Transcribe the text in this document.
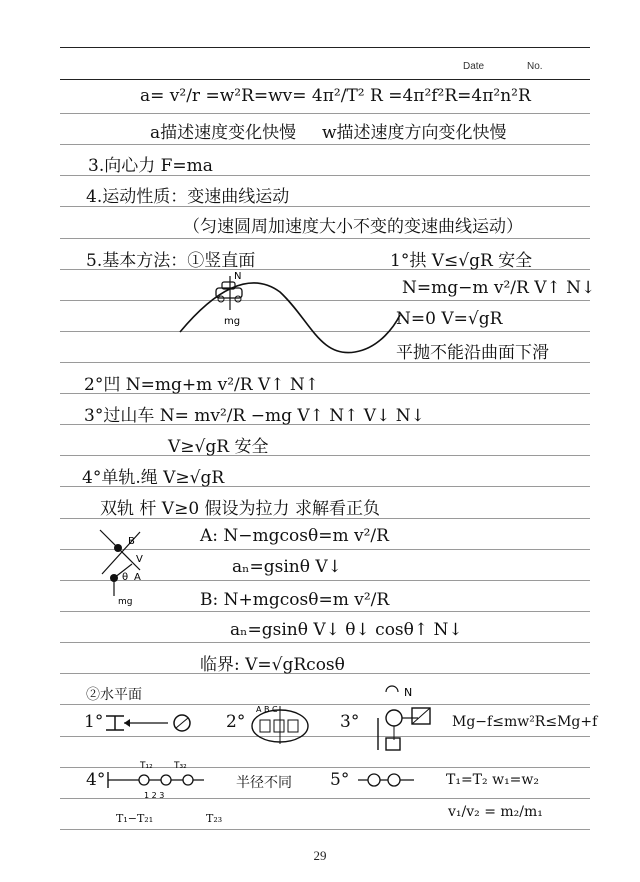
Date	No.
a= v²/r =w²R=wv= 4π²/T² R =4π²f²R=4π²n²R
a描述速度变化快慢 w描述速度方向变化快慢
3.向心力 F=ma
4.运动性质：变速曲线运动
（匀速圆周加速度大小不变的变速曲线运动）
5.基本方法：①竖直面	1°拱 V≤√gR 安全
N=mg−m v²/R V↑ N↓
N=0 V=√gR
平抛不能沿曲面下滑
mg
N
2°凹 N=mg+m v²/R V↑ N↑
3°过山车 N= mv²/R −mg V↑ N↑ V↓ N↓
V≥√gR 安全
4°单轨.绳 V≥√gR
双轨 杆 V≥0 假设为拉力 求解看正负
B
A
θ
V
mg
A: N−mgcosθ=m v²/R
aₙ=gsinθ V↓
B: N+mgcosθ=m v²/R
aₙ=gsinθ V↓ θ↓ cosθ↑ N↓
临界: V=√gRcosθ
②水平面
1°	2°
A B C
3°
N
Mg−f≤mw²R≤Mg+f
4°
T₁₂ T₃₂
1 2 3
半径不同 5°	T₁=T₂ w₁=w₂
T₁−T₂₁	T₂₃	v₁/v₂ = m₂/m₁
29
